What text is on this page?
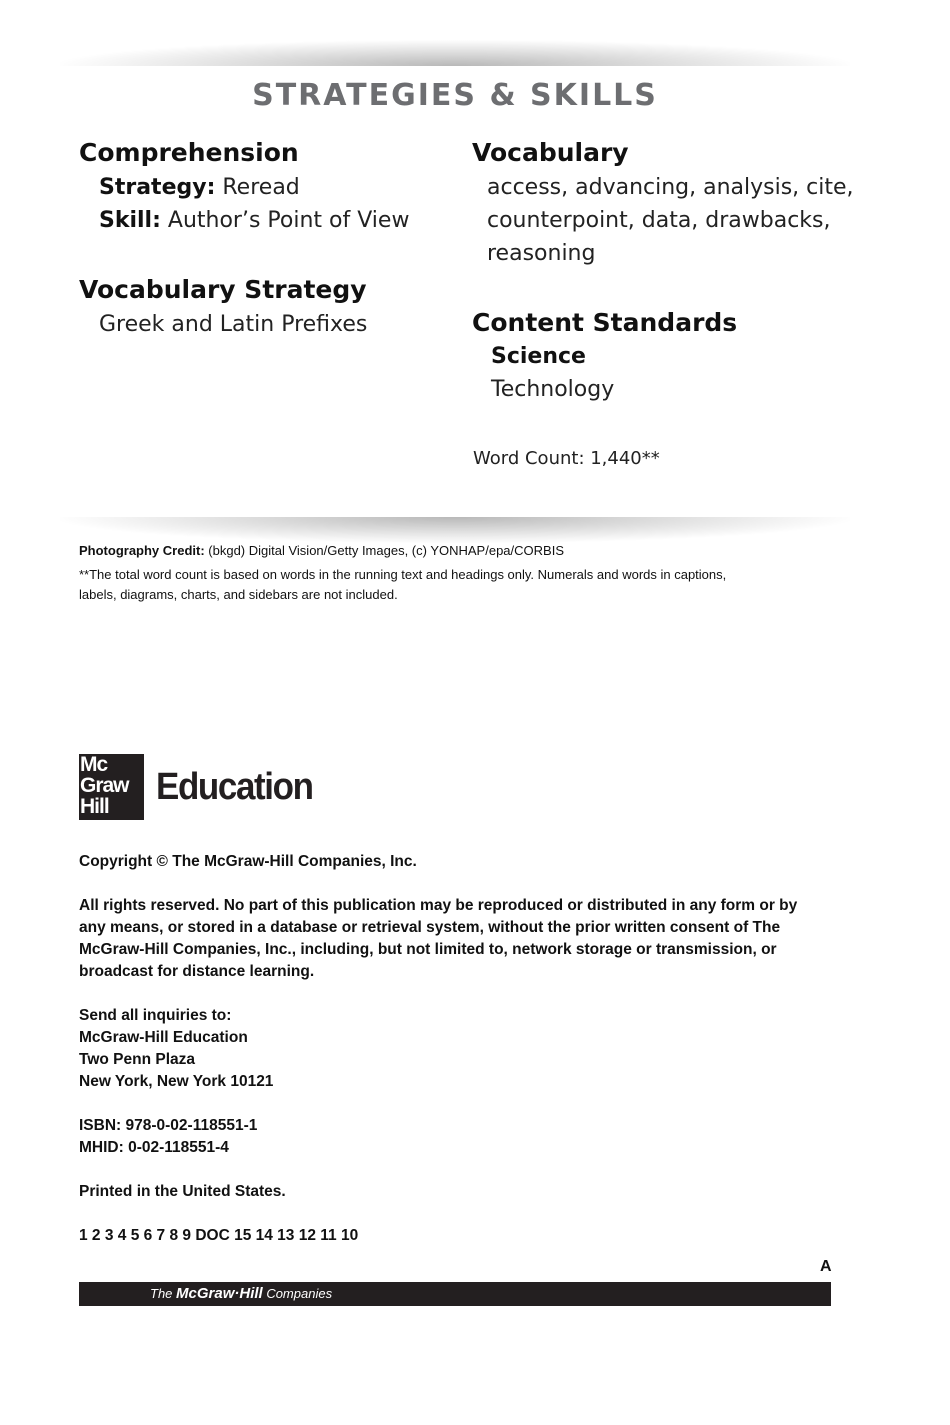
STRATEGIES & SKILLS
Comprehension
Strategy: Reread
Skill: Author’s Point of View
Vocabulary Strategy
Greek and Latin Prefixes
Vocabulary
access, advancing, analysis, cite,
counterpoint, data, drawbacks,
reasoning
Content Standards
Science
Technology
Word Count: 1,440**
Photography Credit: (bkgd) Digital Vision/Getty Images, (c) YONHAP/epa/CORBIS
**The total word count is based on words in the running text and headings only. Numerals and words in captions,
labels, diagrams, charts, and sidebars are not included.
Mc
Graw
Hill	Education
Copyright © The McGraw-Hill Companies, Inc.
All rights reserved. No part of this publication may be reproduced or distributed in any form or by
any means, or stored in a database or retrieval system, without the prior written consent of The
McGraw-Hill Companies, Inc., including, but not limited to, network storage or transmission, or
broadcast for distance learning.
Send all inquiries to:
McGraw-Hill Education
Two Penn Plaza
New York, New York 10121
ISBN: 978-0-02-118551-1
MHID: 0-02-118551-4
Printed in the United States.
1 2 3 4 5 6 7 8 9 DOC 15 14 13 12 11 10
A
The McGraw·Hill Companies
